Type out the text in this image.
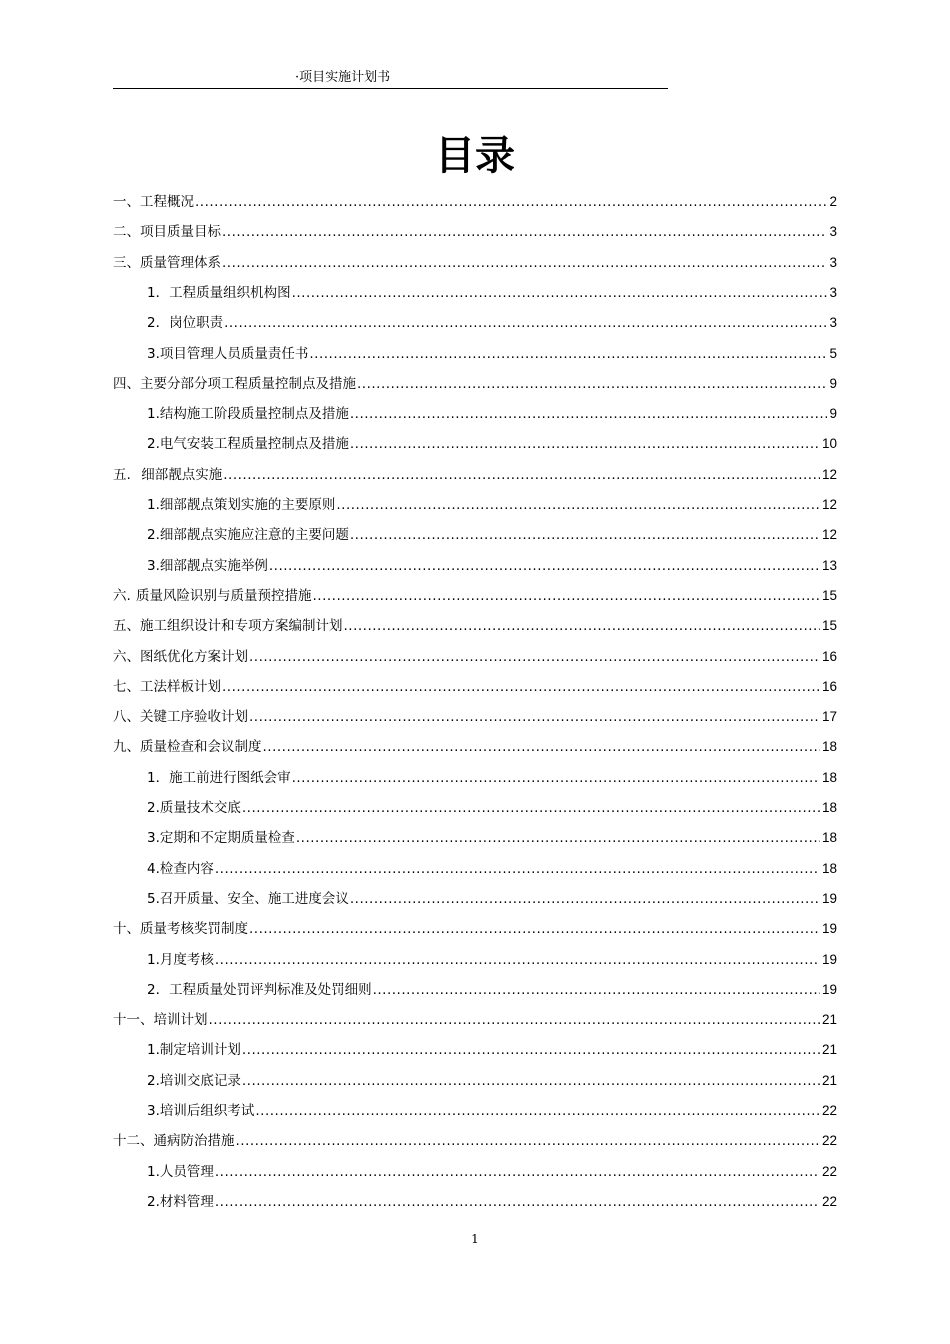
·项目实施计划书
目录
一、 工程概况 .....	2
二、 项目质量目标 .....	3
三、 质量管理体系 .....	3
1．工程质量组织机构图 .....	3
2．岗位职责 .....	3
3.项目管理人员质量责任书 .....	5
四、 主要分部分项工程质量控制点及措施 .....	9
1.结构施工阶段质量控制点及措施 .....	9
2.电气安装工程质量控制点及措施 .....	10
五. 细部靓点实施 .....	12
1.细部靓点策划实施的主要原则 .....	12
2.细部靓点实施应注意的主要问题 .....	12
3.细部靓点实施举例 .....	13
六. 质量风险识别与质量预控措施 .....	15
五、 施工组织设计和专项方案编制计划 .....	15
六、 图纸优化方案计划 .....	16
七、 工法样板计划 .....	16
八、 关键工序验收计划 .....	17
九、 质量检查和会议制度 .....	18
1．施工前进行图纸会审 .....	18
2.质量技术交底 .....	18
3.定期和不定期质量检查 .....	18
4.检查内容 .....	18
5.召开质量、安全、施工进度会议 .....	19
十、 质量考核奖罚制度 .....	19
1.月度考核 .....	19
2．工程质量处罚评判标准及处罚细则 .....	19
十一、 培训计划 .....	21
1.制定培训计划 .....	21
2.培训交底记录 .....	21
3.培训后组织考试 .....	22
十二、 通病防治措施 .....	22
1.人员管理 .....	22
2.材料管理 .....	22
1
